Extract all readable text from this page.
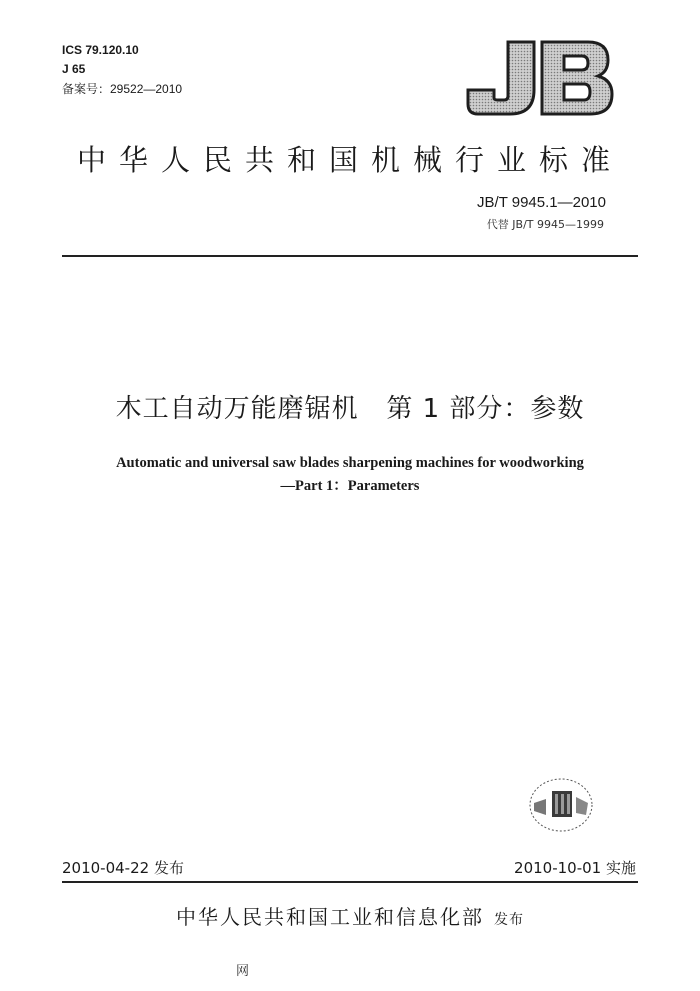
ICS 79.120.10
J 65
备案号：29522—2010
中华人民共和国机械行业标准
JB/T 9945.1—2010
代替 JB/T 9945—1999
木工自动万能磨锯机   第 1 部分：参数
Automatic and universal saw blades sharpening machines for woodworking
—Part 1：Parameters
2010-04-22 发布	2010-10-01 实施
中华人民共和国工业和信息化部 发布
网
